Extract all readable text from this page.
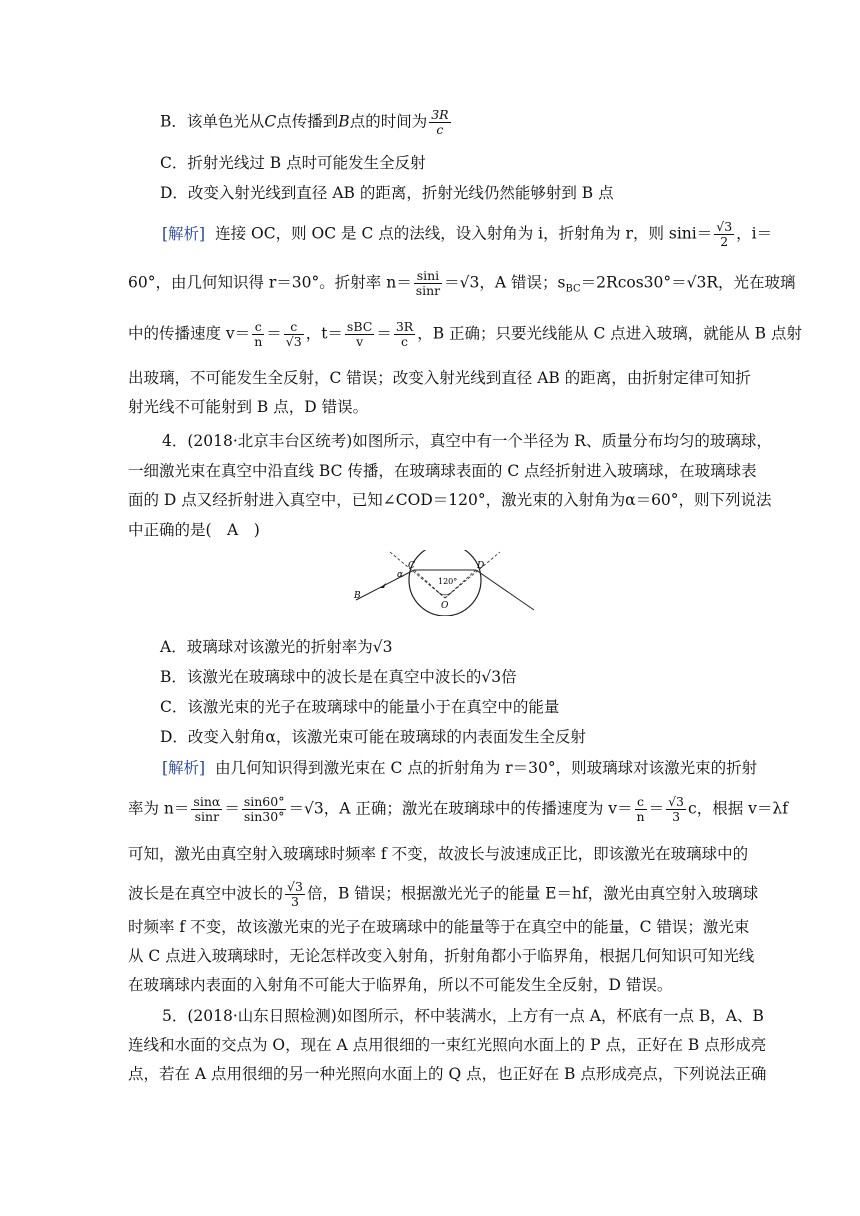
B．该单色光从C点传播到B点的时间为 $\frac{3R}{c}$
C．折射光线过 B 点时可能发生全反射
D．改变入射光线到直径 AB 的距离，折射光线仍然能够射到 B 点
[解析] 连接 OC，则 OC 是 C 点的法线，设入射角为 i，折射角为 r，则 $\sin i= \frac{√3}{2}$ ，i＝
60°，由几何知识得 r＝30°。折射率 $n= \frac{\sin i}{\sin r} =√3$，A 错误；$s_{BC}=2Rcos30^\circ=√3R$，光在玻璃
中的传播速度 $v= \frac{c}{n} = \frac{c}{√3}$ ，$t= \frac{\text{sBC}}{v} = \frac{3R}{c}$ ，B 正确；只要光线能从 C 点进入玻璃，就能从 B 点射
出玻璃，不可能发生全反射，C 错误；改变入射光线到直径 AB 的距离，由折射定律可知折
射光线不可能射到 B 点，D 错误。
4．(2018·北京丰台区统考)如图所示，真空中有一个半径为 R、质量分布均匀的玻璃球，
一细激光束在真空中沿直线 BC 传播，在玻璃球表面的 C 点经折射进入玻璃球，在玻璃球表
面的 D 点又经折射进入真空中，已知∠COD＝120°，激光束的入射角为α＝60°，则下列说法
中正确的是(　A　)
C	D
α
120°
O
B
A．玻璃球对该激光的折射率为√3
B．该激光在玻璃球中的波长是在真空中波长的√3倍
C．该激光束的光子在玻璃球中的能量小于在真空中的能量
D．改变入射角α，该激光束可能在玻璃球的内表面发生全反射
[解析] 由几何知识得到激光束在 C 点的折射角为 r＝30°，则玻璃球对该激光束的折射
率为 $n= \frac{\sin\alpha}{\sin r} = \frac{\sin 60^\circ}{\sin 30^\circ} =√3$，A 正确；激光在玻璃球中的传播速度为 $v= \frac{c}{n} = \frac{√3}{3}$ c，根据 v＝λf
可知，激光由真空射入玻璃球时频率 f 不变，故波长与波速成正比，即该激光在玻璃球中的
波长是在真空中波长的 $\frac{√3}{3}$ 倍，B 错误；根据激光光子的能量 E＝hf，激光由真空射入玻璃球
时频率 f 不变，故该激光束的光子在玻璃球中的能量等于在真空中的能量，C 错误；激光束
从 C 点进入玻璃球时，无论怎样改变入射角，折射角都小于临界角，根据几何知识可知光线
在玻璃球内表面的入射角不可能大于临界角，所以不可能发生全反射，D 错误。
5．(2018·山东日照检测)如图所示，杯中装满水，上方有一点 A，杯底有一点 B，A、B
连线和水面的交点为 O，现在 A 点用很细的一束红光照向水面上的 P 点，正好在 B 点形成亮
点，若在 A 点用很细的另一种光照向水面上的 Q 点，也正好在 B 点形成亮点，下列说法正确
